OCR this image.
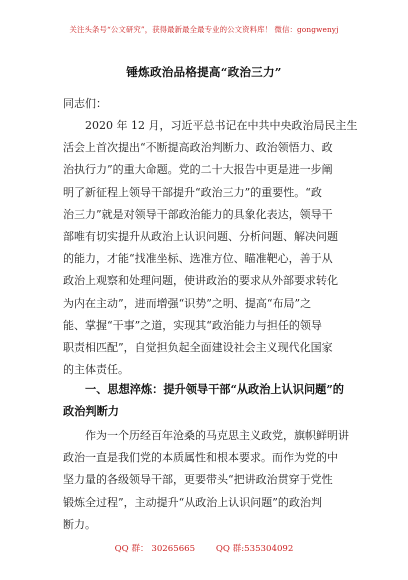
关注头条号“公文研究”，获得最新最全最专业的公文资料库！ 微信：gongwenyj
锤炼政治品格提高“政治三力”
同志们：
2020 年 12 月，习近平总书记在中共中央政治局民主生
活会上首次提出“不断提高政治判断力、政治领悟力、政
治执行力”的重大命题。党的二十大报告中更是进一步阐
明了新征程上领导干部提升“政治三力”的重要性。“政
治三力”就是对领导干部政治能力的具象化表达，领导干
部唯有切实提升从政治上认识问题、分析问题、解决问题
的能力，才能“找准坐标、选准方位、瞄准靶心，善于从
政治上观察和处理问题，使讲政治的要求从外部要求转化
为内在主动”，进而增强“识势”之明、提高“布局”之
能、掌握“干事”之道，实现其“政治能力与担任的领导
职责相匹配”，自觉担负起全面建设社会主义现代化国家
的主体责任。
一、思想淬炼：提升领导干部“从政治上认识问题”的
政治判断力
作为一个历经百年沧桑的马克思主义政党，旗帜鲜明讲
政治一直是我们党的本质属性和根本要求。而作为党的中
坚力量的各级领导干部，更要带头“把讲政治贯穿于党性
锻炼全过程”，主动提升“从政治上认识问题”的政治判
断力。
QQ 群： 30265665 QQ 群:535304092
